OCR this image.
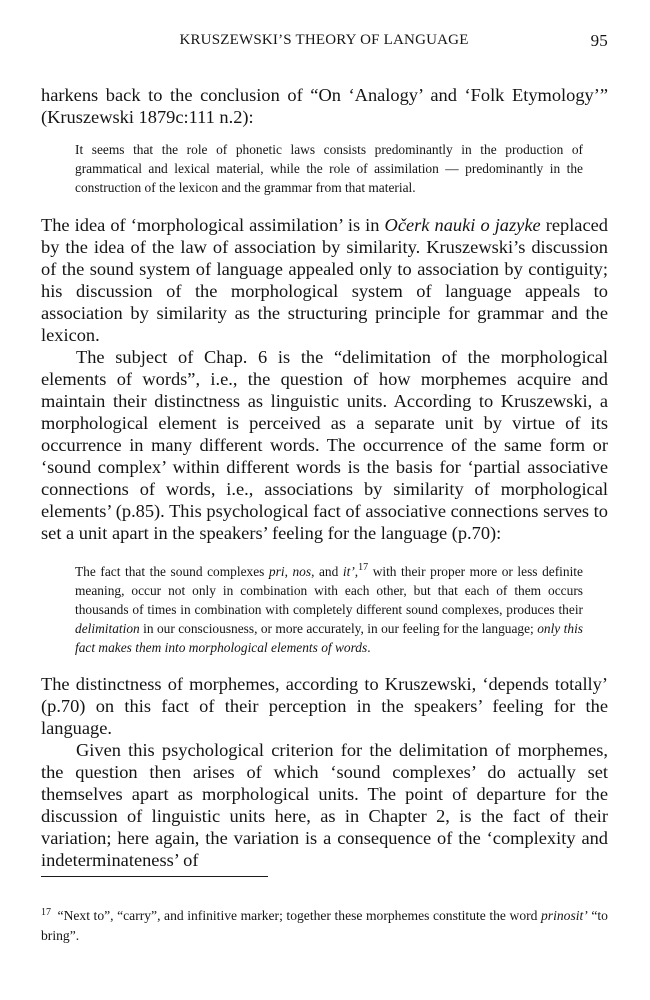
KRUSZEWSKI’S THEORY OF LANGUAGE	95

harkens back to the conclusion of “On ‘Analogy’ and ‘Folk Etymology’” (Kruszewski 1879c:111 n.2):

It seems that the role of phonetic laws consists predominantly in the production of grammatical and lexical material, while the role of assimilation — predominantly in the construction of the lexicon and the grammar from that material.

The idea of ‘morphological assimilation’ is in Očerk nauki o jazyke replaced by the idea of the law of association by similarity. Kruszewski’s discussion of the sound system of language appealed only to association by contiguity; his discussion of the morphological system of language appeals to association by similarity as the structuring principle for grammar and the lexicon.

The subject of Chap. 6 is the “delimitation of the morphological elements of words”, i.e., the question of how morphemes acquire and maintain their distinctness as linguistic units. According to Kruszewski, a morphological element is perceived as a separate unit by virtue of its occurrence in many different words. The occurrence of the same form or ‘sound complex’ within different words is the basis for ‘partial associative connections of words, i.e., associations by similarity of morphological elements’ (p.85). This psychological fact of associative connections serves to set a unit apart in the speakers’ feeling for the language (p.70):

The fact that the sound complexes pri, nos, and it’,$^{17}$ with their proper more or less definite meaning, occur not only in combination with each other, but that each of them occurs thousands of times in combination with completely different sound complexes, produces their delimitation in our consciousness, or more accurately, in our feeling for the language; only this fact makes them into morphological elements of words.

The distinctness of morphemes, according to Kruszewski, ‘depends totally’ (p.70) on this fact of their perception in the speakers’ feeling for the language.

Given this psychological criterion for the delimitation of morphemes, the question then arises of which ‘sound complexes’ do actually set themselves apart as morphological units. The point of departure for the discussion of linguistic units here, as in Chapter 2, is the fact of their variation; here again, the variation is a consequence of the ‘complexity and indeterminateness’ of

$^{17}$ “Next to”, “carry”, and infinitive marker; together these morphemes constitute the word prinosit’ “to bring”.
